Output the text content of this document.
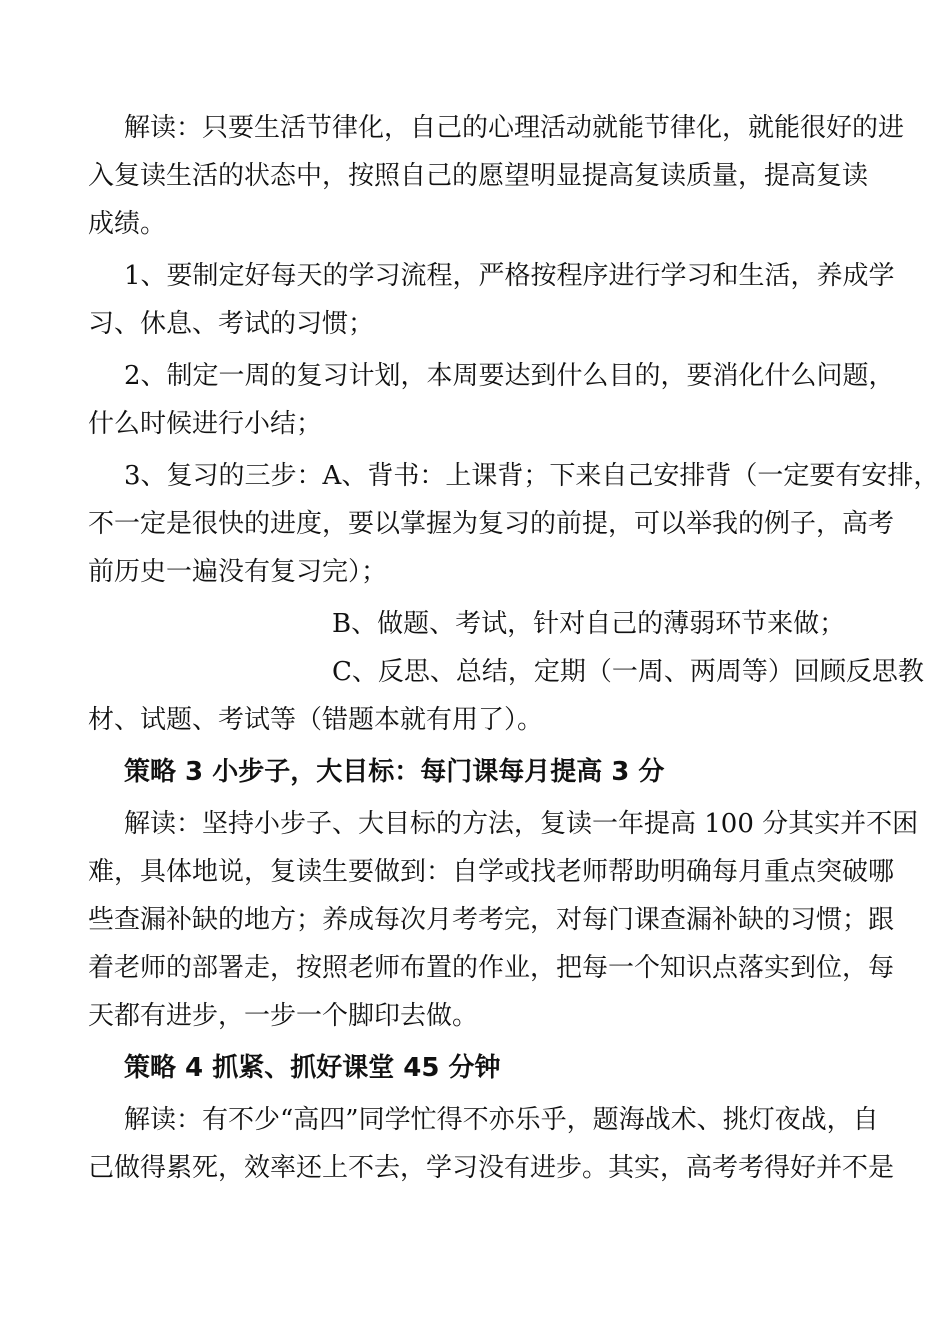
解读：只要生活节律化，自己的心理活动就能节律化，就能很好的进
入复读生活的状态中，按照自己的愿望明显提高复读质量，提高复读
成绩。
1、要制定好每天的学习流程，严格按程序进行学习和生活，养成学
习、休息、考试的习惯；
2、制定一周的复习计划，本周要达到什么目的，要消化什么问题，
什么时候进行小结；
3、复习的三步：A、背书：上课背；下来自己安排背（一定要有安排，
不一定是很快的进度，要以掌握为复习的前提，可以举我的例子，高考
前历史一遍没有复习完）；
B、做题、考试，针对自己的薄弱环节来做；
C、反思、总结，定期（一周、两周等）回顾反思教
材、试题、考试等（错题本就有用了）。
策略 3 小步子，大目标：每门课每月提高 3 分
解读：坚持小步子、大目标的方法，复读一年提高 100 分其实并不困
难，具体地说，复读生要做到：自学或找老师帮助明确每月重点突破哪
些查漏补缺的地方；养成每次月考考完，对每门课查漏补缺的习惯；跟
着老师的部署走，按照老师布置的作业，把每一个知识点落实到位，每
天都有进步，一步一个脚印去做。
策略 4 抓紧、抓好课堂 45 分钟
解读：有不少“高四”同学忙得不亦乐乎，题海战术、挑灯夜战，自
己做得累死，效率还上不去，学习没有进步。其实，高考考得好并不是
